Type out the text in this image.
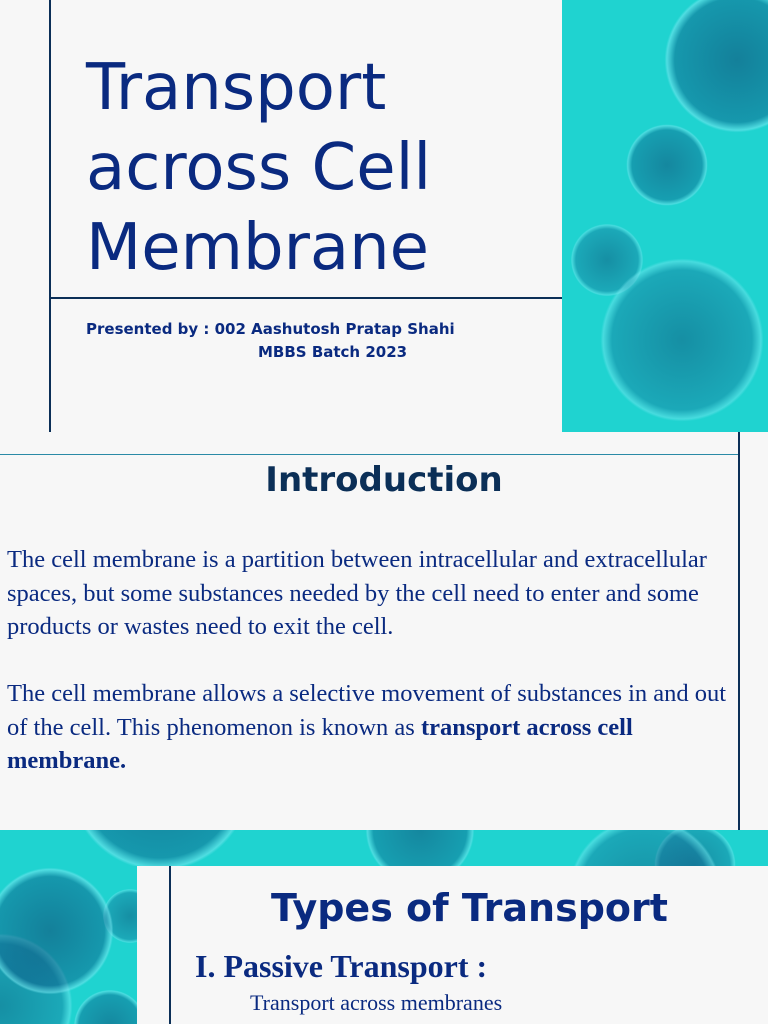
Transport across Cell Membrane
Presented by : 002 Aashutosh Pratap Shahi
MBBS Batch 2023
Introduction

The cell membrane is a partition between intracellular and extracellular spaces, but some substances needed by the cell need to enter and some products or wastes need to exit the cell.

The cell membrane allows a selective movement of substances in and out of the cell. This phenomenon is known as transport across cell membrane.

Types of Transport
I. Passive Transport :
Transport across membranes
